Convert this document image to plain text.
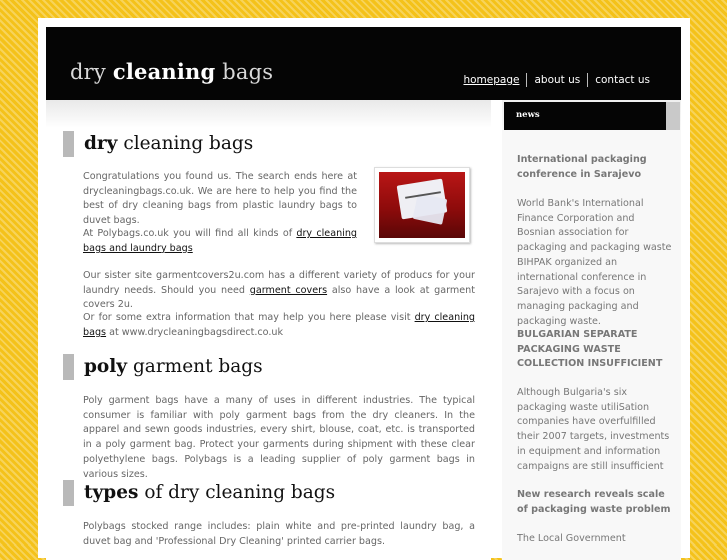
dry cleaning bags	homepage	about us	contact us
dry cleaning bags

Congratulations you found us. The search ends here at drycleaningbags.co.uk. We are here to help you find the best of dry cleaning bags from plastic laundry bags to duvet bags.

At Polybags.co.uk you will find all kinds of dry cleaning bags and laundry bags

Our sister site garmentcovers2u.com has a different variety of producs for your laundry needs. Should you need garment covers also have a look at garment covers 2u.

Or for some extra information that may help you here please visit dry cleaning bags at www.drycleaningbagsdirect.co.uk

poly garment bags

Poly garment bags have a many of uses in different industries. The typical consumer is familiar with poly garment bags from the dry cleaners. In the apparel and sewn goods industries, every shirt, blouse, coat, etc. is transported in a poly garment bag. Protect your garments during shipment with these clear polyethylene bags. Polybags is a leading supplier of poly garment bags in various sizes.

types of dry cleaning bags

Polybags stocked range includes: plain white and pre-printed laundry bag, a duvet bag and 'Professional Dry Cleaning' printed carrier bags.

news

International packaging conference in Sarajevo

World Bank's International Finance Corporation and Bosnian association for packaging and packaging waste BIHPAK organized an international conference in Sarajevo with a focus on managing packaging and packaging waste.

BULGARIAN SEPARATE PACKAGING WASTE COLLECTION INSUFFICIENT

Although Bulgaria's six packaging waste utiliSation companies have overfulfilled their 2007 targets, investments in equipment and information campaigns are still insufficient

New research reveals scale of packaging waste problem

The Local Government
